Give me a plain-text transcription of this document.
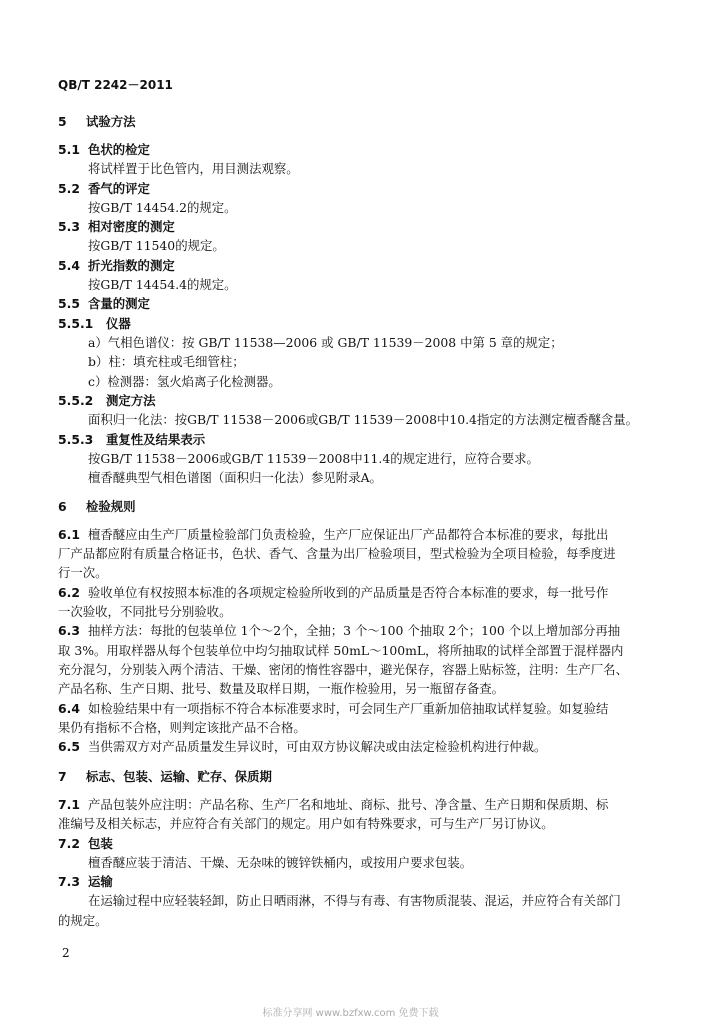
QB/T 2242－2011
5 试验方法
5.1 色状的检定
将试样置于比色管内，用目测法观察。
5.2 香气的评定
按GB/T 14454.2的规定。
5.3 相对密度的测定
按GB/T 11540的规定。
5.4 折光指数的测定
按GB/T 14454.4的规定。
5.5 含量的测定
5.5.1 仪器
a）气相色谱仪：按 GB/T 11538—2006 或 GB/T 11539－2008 中第 5 章的规定；
b）柱：填充柱或毛细管柱；
c）检测器：氢火焰离子化检测器。
5.5.2 测定方法
面积归一化法：按GB/T 11538－2006或GB/T 11539－2008中10.4指定的方法测定檀香醚含量。
5.5.3 重复性及结果表示
按GB/T 11538－2006或GB/T 11539－2008中11.4的规定进行，应符合要求。
檀香醚典型气相色谱图（面积归一化法）参见附录A。
6 检验规则
6.1 檀香醚应由生产厂质量检验部门负责检验，生产厂应保证出厂产品都符合本标准的要求，每批出
厂产品都应附有质量合格证书，色状、香气、含量为出厂检验项目，型式检验为全项目检验，每季度进
行一次。
6.2 验收单位有权按照本标准的各项规定检验所收到的产品质量是否符合本标准的要求，每一批号作
一次验收，不同批号分别验收。
6.3 抽样方法：每批的包装单位 1个～2个，全抽；3 个～100 个抽取 2个；100 个以上增加部分再抽
取 3%。用取样器从每个包装单位中均匀抽取试样 50mL～100mL，将所抽取的试样全部置于混样器内
充分混匀，分别装入两个清洁、干燥、密闭的惰性容器中，避光保存，容器上贴标签，注明：生产厂名、
产品名称、生产日期、批号、数量及取样日期，一瓶作检验用，另一瓶留存备查。
6.4 如检验结果中有一项指标不符合本标准要求时，可会同生产厂重新加倍抽取试样复验。如复验结
果仍有指标不合格，则判定该批产品不合格。
6.5 当供需双方对产品质量发生异议时，可由双方协议解决或由法定检验机构进行仲裁。
7 标志、包装、运输、贮存、保质期
7.1 产品包装外应注明：产品名称、生产厂名和地址、商标、批号、净含量、生产日期和保质期、标
准编号及相关标志，并应符合有关部门的规定。用户如有特殊要求，可与生产厂另订协议。
7.2 包装
檀香醚应装于清洁、干燥、无杂味的镀锌铁桶内，或按用户要求包装。
7.3 运输
在运输过程中应轻装轻卸，防止日晒雨淋，不得与有毒、有害物质混装、混运，并应符合有关部门
的规定。
2
标准分享网 www.bzfxw.com 免费下载
